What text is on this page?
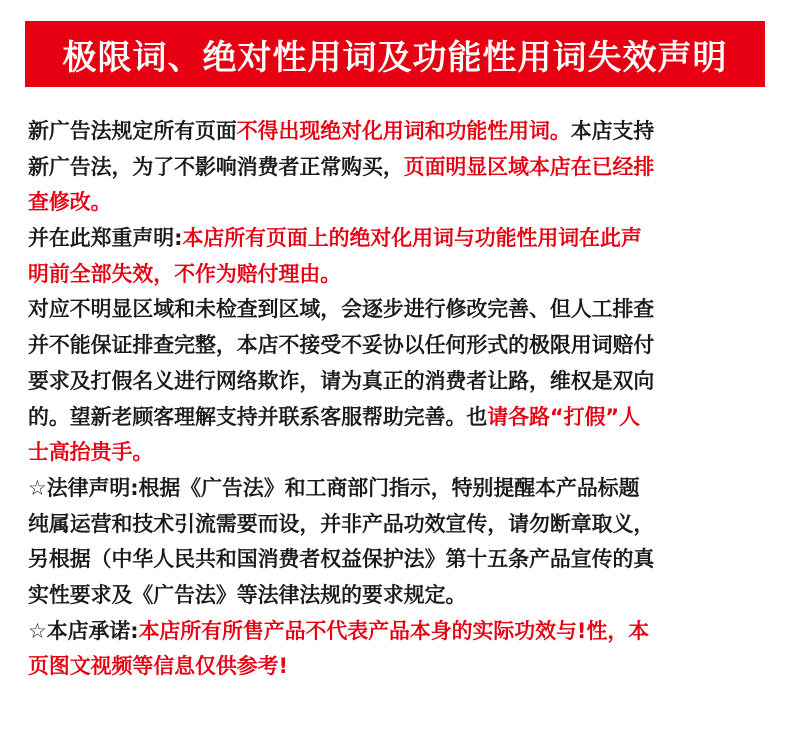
极限词、绝对性用词及功能性用词失效声明
新广告法规定所有页面不得出现绝对化用词和功能性用词。本店支持
新广告法，为了不影响消费者正常购买，页面明显区域本店在已经排
查修改。
并在此郑重声明:本店所有页面上的绝对化用词与功能性用词在此声
明前全部失效，不作为赔付理由。
对应不明显区域和未检查到区域，会逐步进行修改完善、但人工排查
并不能保证排查完整，本店不接受不妥协以任何形式的极限用词赔付
要求及打假名义进行网络欺诈，请为真正的消费者让路，维权是双向
的。望新老顾客理解支持并联系客服帮助完善。也请各路“打假”人
士高抬贵手。
☆法律声明:根据《广告法》和工商部门指示，特别提醒本产品标题
纯属运营和技术引流需要而设，并非产品功效宣传，请勿断章取义，
另根据（中华人民共和国消费者权益保护法》第十五条产品宣传的真
实性要求及《广告法》等法律法规的要求规定。
☆本店承诺:本店所有所售产品不代表产品本身的实际功效与!性，本
页图文视频等信息仅供参考!
